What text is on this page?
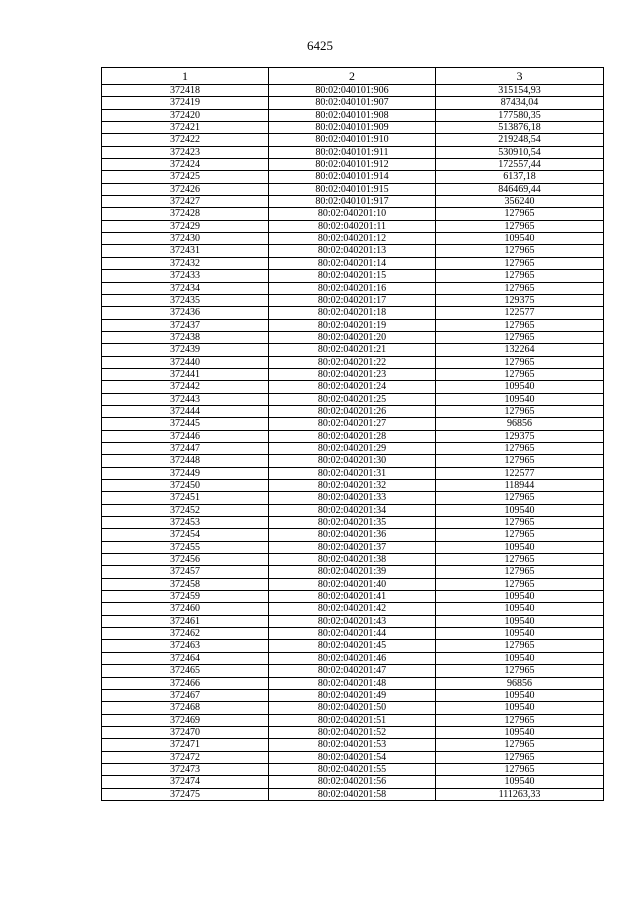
6425
1	2	3
372418	80:02:040101:906	315154,93
372419	80:02:040101:907	87434,04
372420	80:02:040101:908	177580,35
372421	80:02:040101:909	513876,18
372422	80:02:040101:910	219248,54
372423	80:02:040101:911	530910,54
372424	80:02:040101:912	172557,44
372425	80:02:040101:914	6137,18
372426	80:02:040101:915	846469,44
372427	80:02:040101:917	356240
372428	80:02:040201:10	127965
372429	80:02:040201:11	127965
372430	80:02:040201:12	109540
372431	80:02:040201:13	127965
372432	80:02:040201:14	127965
372433	80:02:040201:15	127965
372434	80:02:040201:16	127965
372435	80:02:040201:17	129375
372436	80:02:040201:18	122577
372437	80:02:040201:19	127965
372438	80:02:040201:20	127965
372439	80:02:040201:21	132264
372440	80:02:040201:22	127965
372441	80:02:040201:23	127965
372442	80:02:040201:24	109540
372443	80:02:040201:25	109540
372444	80:02:040201:26	127965
372445	80:02:040201:27	96856
372446	80:02:040201:28	129375
372447	80:02:040201:29	127965
372448	80:02:040201:30	127965
372449	80:02:040201:31	122577
372450	80:02:040201:32	118944
372451	80:02:040201:33	127965
372452	80:02:040201:34	109540
372453	80:02:040201:35	127965
372454	80:02:040201:36	127965
372455	80:02:040201:37	109540
372456	80:02:040201:38	127965
372457	80:02:040201:39	127965
372458	80:02:040201:40	127965
372459	80:02:040201:41	109540
372460	80:02:040201:42	109540
372461	80:02:040201:43	109540
372462	80:02:040201:44	109540
372463	80:02:040201:45	127965
372464	80:02:040201:46	109540
372465	80:02:040201:47	127965
372466	80:02:040201:48	96856
372467	80:02:040201:49	109540
372468	80:02:040201:50	109540
372469	80:02:040201:51	127965
372470	80:02:040201:52	109540
372471	80:02:040201:53	127965
372472	80:02:040201:54	127965
372473	80:02:040201:55	127965
372474	80:02:040201:56	109540
372475	80:02:040201:58	111263,33
